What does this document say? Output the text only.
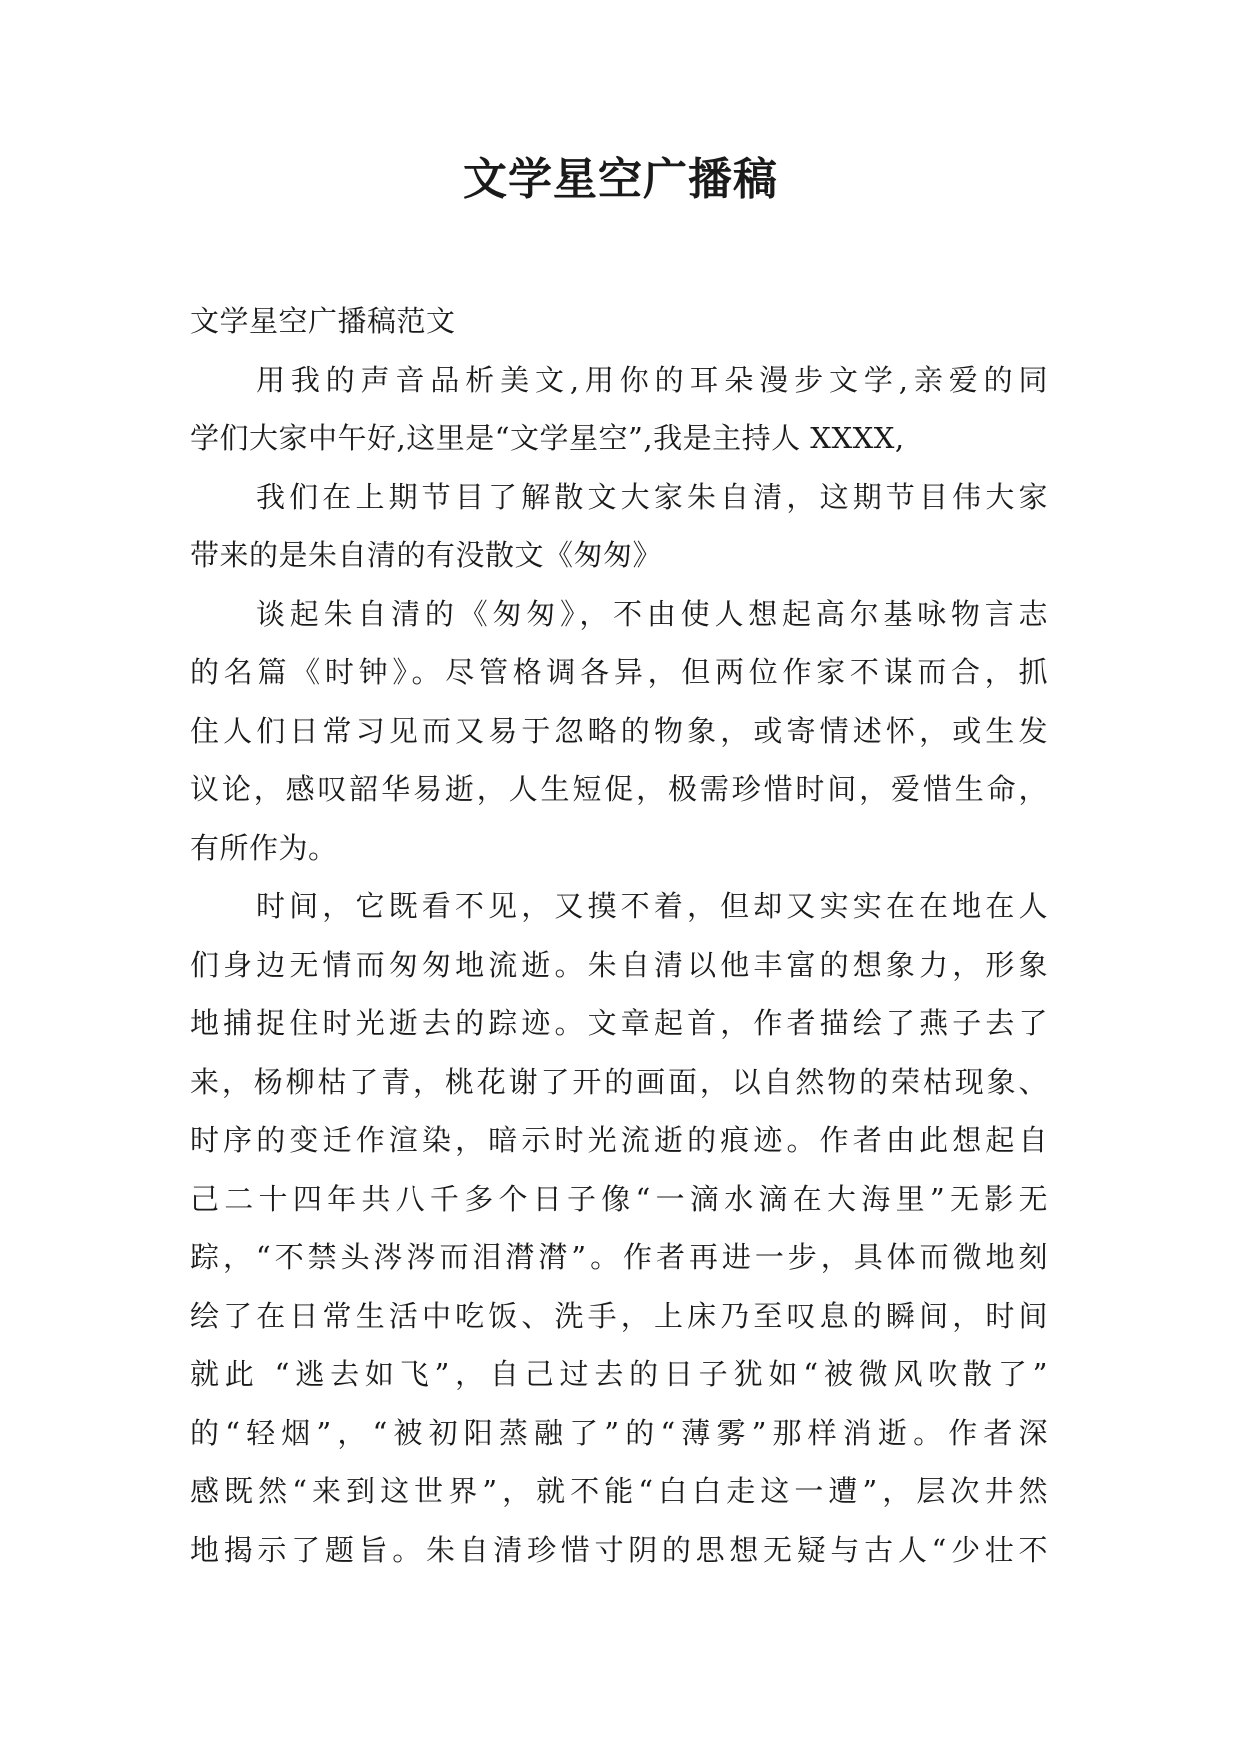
文学星空广播稿
文学星空广播稿范文
用我的声音品析美文,用你的耳朵漫步文学,亲爱的同
学们大家中午好,这里是“文学星空”,我是主持人 XXXX,
我们在上期节目了解散文大家朱自清，这期节目伟大家
带来的是朱自清的有没散文《匆匆》
谈起朱自清的《匆匆》，不由使人想起高尔基咏物言志
的名篇《时钟》。尽管格调各异，但两位作家不谋而合，抓
住人们日常习见而又易于忽略的物象，或寄情述怀，或生发
议论，感叹韶华易逝，人生短促，极需珍惜时间，爱惜生命，
有所作为。
时间，它既看不见，又摸不着，但却又实实在在地在人
们身边无情而匆匆地流逝。朱自清以他丰富的想象力，形象
地捕捉住时光逝去的踪迹。文章起首，作者描绘了燕子去了
来，杨柳枯了青，桃花谢了开的画面，以自然物的荣枯现象、
时序的变迁作渲染，暗示时光流逝的痕迹。作者由此想起自
己二十四年共八千多个日子像“一滴水滴在大海里”无影无
踪，“不禁头涔涔而泪潸潸”。作者再进一步，具体而微地刻
绘了在日常生活中吃饭、洗手，上床乃至叹息的瞬间，时间
就此 “逃去如飞”，自己过去的日子犹如“被微风吹散了”
的“轻烟”，“被初阳蒸融了”的“薄雾”那样消逝。作者深
感既然“来到这世界”，就不能“白白走这一遭”，层次井然
地揭示了题旨。朱自清珍惜寸阴的思想无疑与古人“少壮不
